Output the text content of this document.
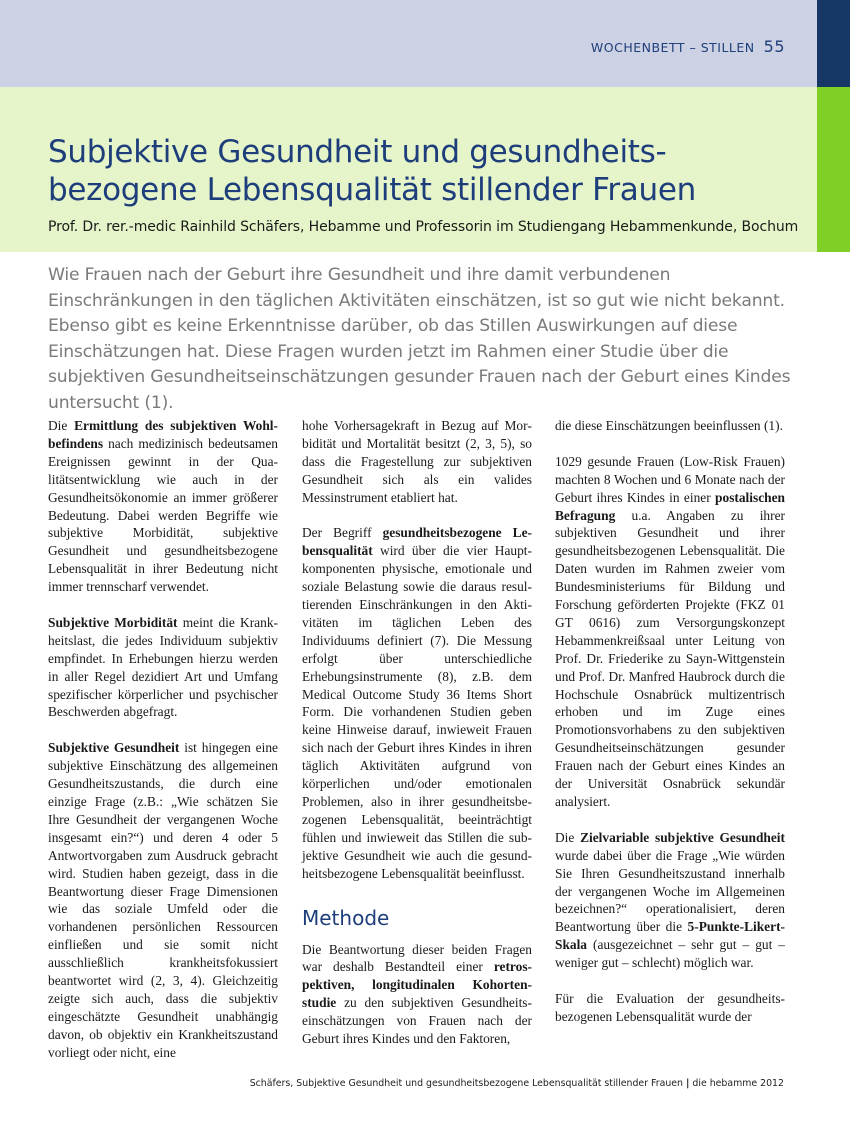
WOCHENBETT – STILLEN 55
Subjektive Gesundheit und gesundheits-
bezogene Lebensqualität stillender Frauen
Prof. Dr. rer.-medic Rainhild Schäfers, Hebamme und Professorin im Studiengang Hebammenkunde, Bochum

Wie Frauen nach der Geburt ihre Gesundheit und ihre damit verbundenen Einschränkungen in den täglichen Aktivitäten einschätzen, ist so gut wie nicht bekannt. Ebenso gibt es keine Erkenntnisse darüber, ob das Stillen Auswirkungen auf diese Einschätzungen hat. Diese Fragen wurden jetzt im Rahmen einer Studie über die subjektiven Gesundheitseinschätzungen gesunder Frauen nach der Geburt eines Kindes untersucht (1).

Die Ermittlung des subjektiven Wohlbefindens nach medizinisch bedeutsamen Ereignissen gewinnt in der Qualitätsentwicklung wie auch in der Gesundheitsökonomie an immer größerer Bedeutung. Dabei werden Begriffe wie subjektive Morbidität, subjektive Gesundheit und gesundheitsbezogene Lebensqualität in ihrer Bedeutung nicht immer trennscharf verwendet.

Subjektive Morbidität meint die Krankheitslast, die jedes Individuum subjektiv empfindet. In Erhebungen hierzu werden in aller Regel dezidiert Art und Umfang spezifischer körperlicher und psychischer Beschwerden abgefragt.

Subjektive Gesundheit ist hingegen eine subjektive Einschätzung des allgemeinen Gesundheitszustands, die durch eine einzige Frage (z.B.: „Wie schätzen Sie Ihre Gesundheit der vergangenen Woche insgesamt ein?“) und deren 4 oder 5 Antwortvorgaben zum Ausdruck gebracht wird. Studien haben gezeigt, dass in die Beantwortung dieser Frage Dimensionen wie das soziale Umfeld oder die vorhandenen persönlichen Ressourcen einfließen und sie somit nicht ausschließlich krankheitsfokussiert beantwortet wird (2, 3, 4). Gleichzeitig zeigte sich auch, dass die subjektiv eingeschätzte Gesundheit unabhängig davon, ob objektiv ein Krankheitszustand vorliegt oder nicht, eine

hohe Vorhersagekraft in Bezug auf Morbidität und Mortalität besitzt (2, 3, 5), so dass die Fragestellung zur subjektiven Gesundheit sich als ein valides Messinstrument etabliert hat.

Der Begriff gesundheitsbezogene Lebensqualität wird über die vier Hauptkomponenten physische, emotionale und soziale Belastung sowie die daraus resultierenden Einschränkungen in den Aktivitäten im täglichen Leben des Individuums definiert (7). Die Messung erfolgt über unterschiedliche Erhebungsinstrumente (8), z.B. dem Medical Outcome Study 36 Items Short Form. Die vorhandenen Studien geben keine Hinweise darauf, inwieweit Frauen sich nach der Geburt ihres Kindes in ihren täglich Aktivitäten aufgrund von körperlichen und/oder emotionalen Problemen, also in ihrer gesundheitsbezogenen Lebensqualität, beeinträchtigt fühlen und inwieweit das Stillen die subjektive Gesundheit wie auch die gesundheitsbezogene Lebensqualität beeinflusst.

Methode

Die Beantwortung dieser beiden Fragen war deshalb Bestandteil einer retrospektiven, longitudinalen Kohortenstudie zu den subjektiven Gesundheitseinschätzungen von Frauen nach der Geburt ihres Kindes und den Faktoren,

die diese Einschätzungen beeinflussen (1).

1029 gesunde Frauen (Low-Risk Frauen) machten 8 Wochen und 6 Monate nach der Geburt ihres Kindes in einer postalischen Befragung u.a. Angaben zu ihrer subjektiven Gesundheit und ihrer gesundheitsbezogenen Lebensqualität. Die Daten wurden im Rahmen zweier vom Bundesministeriums für Bildung und Forschung geförderten Projekte (FKZ 01 GT 0616) zum Versorgungskonzept Hebammenkreißsaal unter Leitung von Prof. Dr. Friederike zu Sayn-Wittgenstein und Prof. Dr. Manfred Haubrock durch die Hochschule Osnabrück multizentrisch erhoben und im Zuge eines Promotionsvorhabens zu den subjektiven Gesundheitseinschätzungen gesunder Frauen nach der Geburt eines Kindes an der Universität Osnabrück sekundär analysiert.

Die Zielvariable subjektive Gesundheit wurde dabei über die Frage „Wie würden Sie Ihren Gesundheitszustand innerhalb der vergangenen Woche im Allgemeinen bezeichnen?“ operationalisiert, deren Beantwortung über die 5-Punkte-Likert-Skala (ausgezeichnet – sehr gut – gut – weniger gut – schlecht) möglich war.

Für die Evaluation der gesundheitsbezogenen Lebensqualität wurde der

Schäfers, Subjektive Gesundheit und gesundheitsbezogene Lebensqualität stillender Frauen | die hebamme 2012
